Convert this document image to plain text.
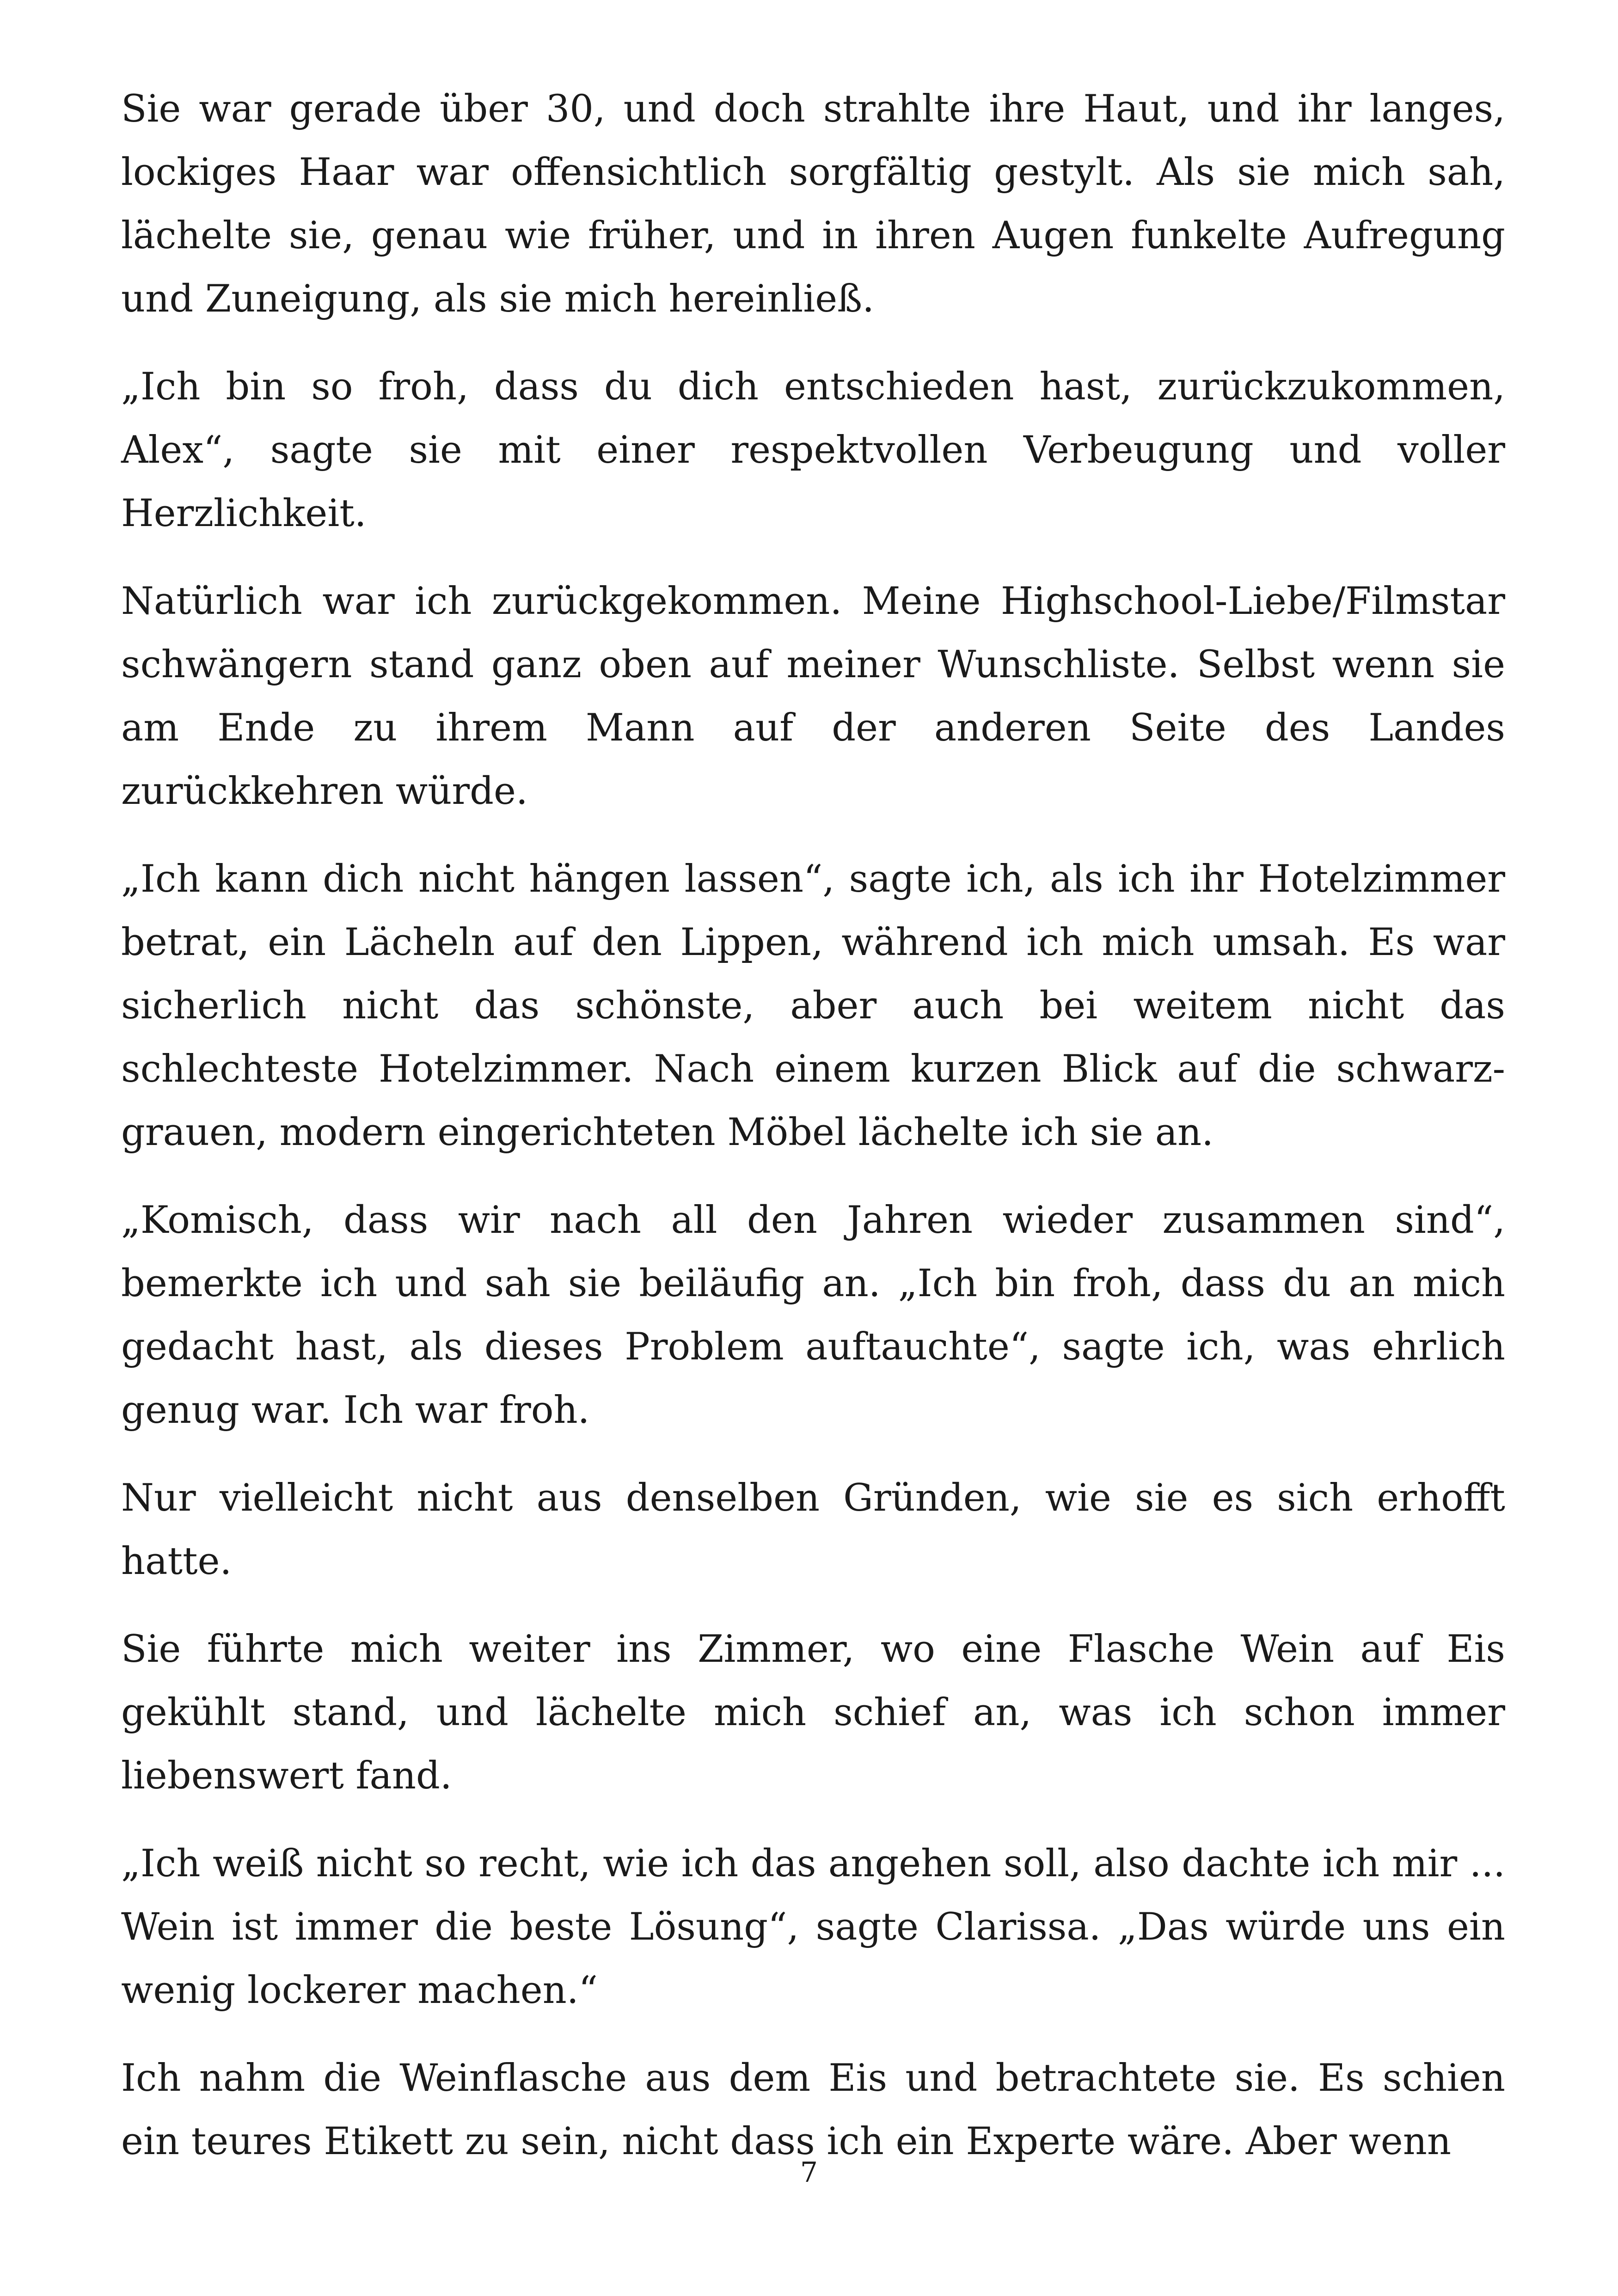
Sie war gerade über 30, und doch strahlte ihre Haut, und ihr langes, lockiges Haar war offensichtlich sorgfältig gestylt. Als sie mich sah, lächelte sie, genau wie früher, und in ihren Augen funkelte Aufregung und Zuneigung, als sie mich hereinließ.

„Ich bin so froh, dass du dich entschieden hast, zurückzukommen, Alex“, sagte sie mit einer respektvollen Verbeugung und voller Herzlichkeit.

Natürlich war ich zurückgekommen. Meine Highschool-Liebe/Filmstar schwängern stand ganz oben auf meiner Wunschliste. Selbst wenn sie am Ende zu ihrem Mann auf der anderen Seite des Landes zurückkehren würde.

„Ich kann dich nicht hängen lassen“, sagte ich, als ich ihr Hotelzimmer betrat, ein Lächeln auf den Lippen, während ich mich umsah. Es war sicherlich nicht das schönste, aber auch bei weitem nicht das schlechteste Hotelzimmer. Nach einem kurzen Blick auf die schwarz-grauen, modern eingerichteten Möbel lächelte ich sie an.

„Komisch, dass wir nach all den Jahren wieder zusammen sind“, bemerkte ich und sah sie beiläufig an. „Ich bin froh, dass du an mich gedacht hast, als dieses Problem auftauchte“, sagte ich, was ehrlich genug war. Ich war froh.

Nur vielleicht nicht aus denselben Gründen, wie sie es sich erhofft hatte.

Sie führte mich weiter ins Zimmer, wo eine Flasche Wein auf Eis gekühlt stand, und lächelte mich schief an, was ich schon immer liebenswert fand.

„Ich weiß nicht so recht, wie ich das angehen soll, also dachte ich mir ... Wein ist immer die beste Lösung“, sagte Clarissa. „Das würde uns ein wenig lockerer machen.“

Ich nahm die Weinflasche aus dem Eis und betrachtete sie. Es schien ein teures Etikett zu sein, nicht dass ich ein Experte wäre. Aber wenn

7
